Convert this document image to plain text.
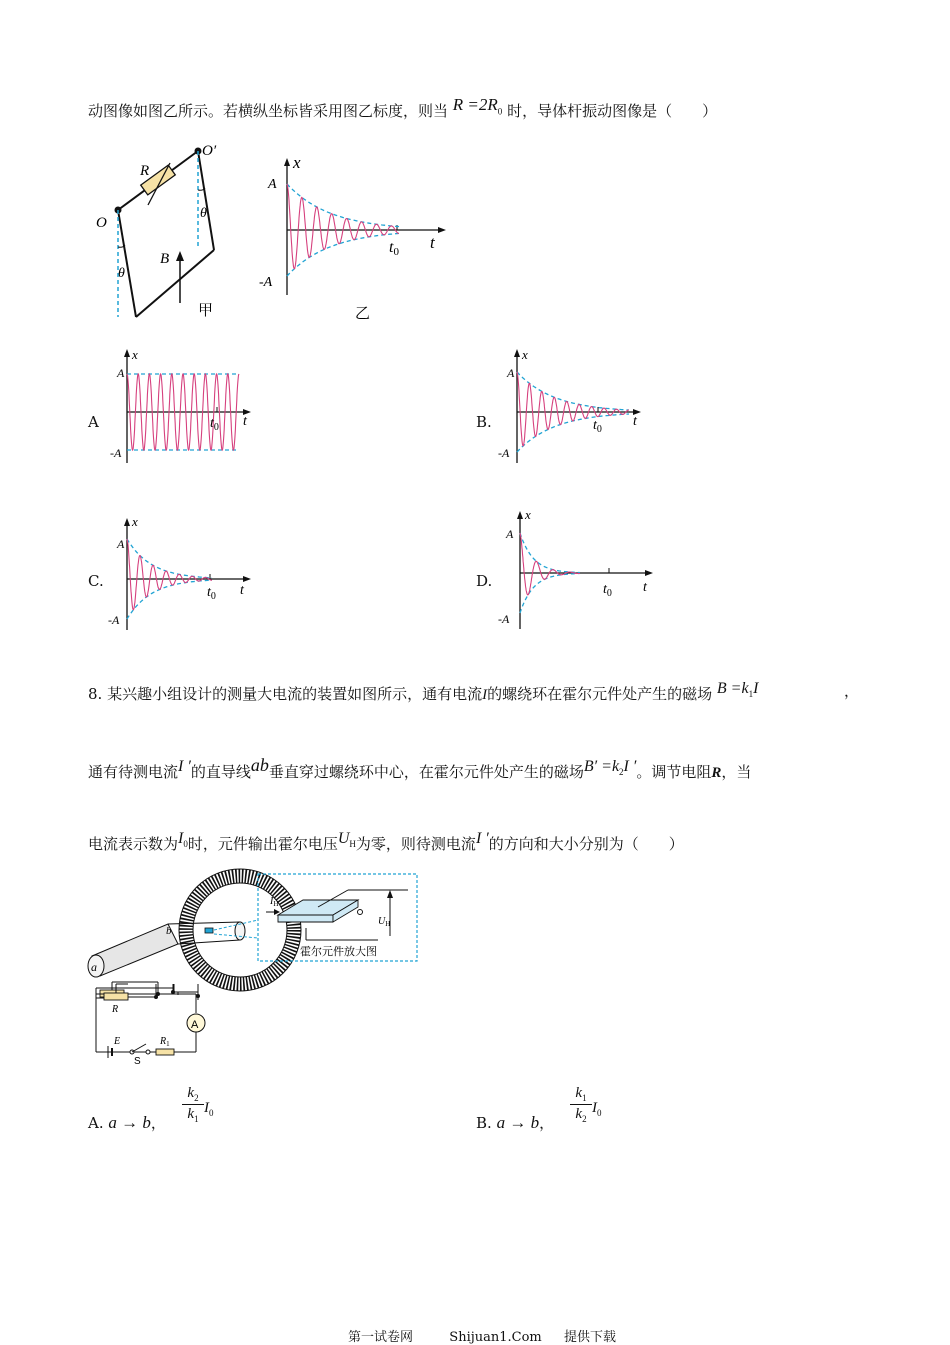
动图像如图乙所示。若横纵坐标皆采用图乙标度，则当 $R =2R_0$ 时，导体杆振动图像是（　　）
O
O′
R
θ
θ
B
甲
x
t
A
-A
t0
乙
A
x
t
A
-A
$t_0$	B.
x
t
A
-A
$t_0$
C.
x
t
A
-A
$t_0$
D.
x
t
A
-A
$t_0$
8. 某兴趣小组设计的测量大电流的装置如图所示，通有电流I的螺绕环在霍尔元件处产生的磁场 $B =k_1I$	，
通有待测电流I ′的直导线ab垂直穿过螺绕环中心，在霍尔元件处产生的磁场$B' =k_2I$ ′。调节电阻R，当
电流表示数为$I_0$时，元件输出霍尔电压$U_H$为零，则待测电流I ′的方向和大小分别为（　　）
a
b
$I_H$
$U_H$
霍尔元件放大图
A
R
E
S
$R_1$
A. a → b，
$k_2$
$k_1$
$I_0$
B. a → b，
$k_1$
$k_2$
$I_0$
第一试卷网	Shijuan1.Com 提供下载
